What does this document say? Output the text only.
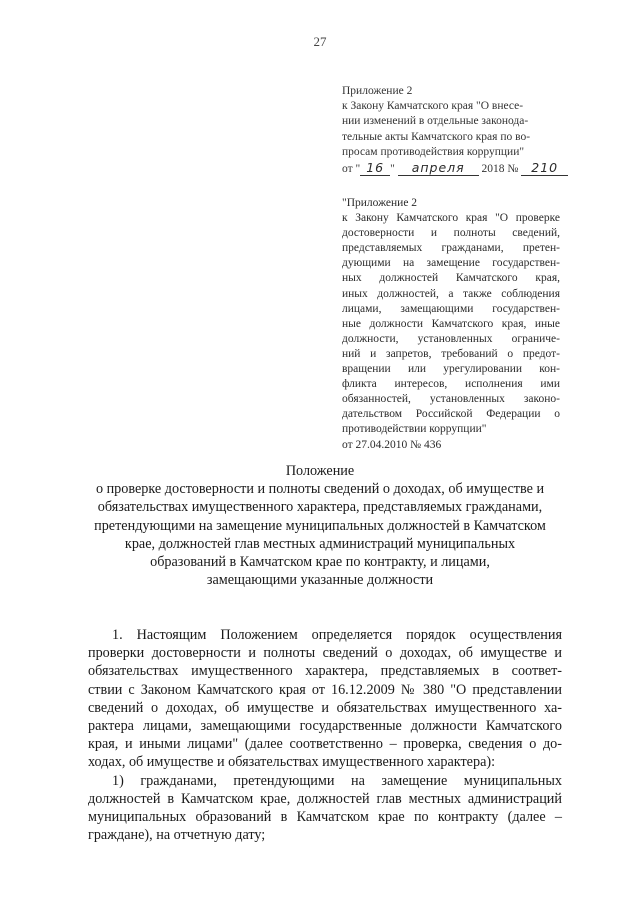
27
Приложение 2
к Закону Камчатского края "О внесе-
нии изменений в отдельные законода-
тельные акты Камчатского края по во-
просам противодействия коррупции"
от " 16 " апреля 2018 № 210
"Приложение 2
к Закону Камчатского края "О проверке
достоверности и полноты сведений,
представляемых гражданами, претен-
дующими на замещение государствен-
ных должностей Камчатского края,
иных должностей, а также соблюдения
лицами, замещающими государствен-
ные должности Камчатского края, иные
должности, установленных ограниче-
ний и запретов, требований о предот-
вращении или урегулировании кон-
фликта интересов, исполнения ими
обязанностей, установленных законо-
дательством Российской Федерации о
противодействии коррупции"
от 27.04.2010 № 436
Положение
о проверке достоверности и полноты сведений о доходах, об имуществе и
обязательствах имущественного характера, представляемых гражданами,
претендующими на замещение муниципальных должностей в Камчатском
крае, должностей глав местных администраций муниципальных
образований в Камчатском крае по контракту, и лицами,
замещающими указанные должности
1. Настоящим Положением определяется порядок осуществления
проверки достоверности и полноты сведений о доходах, об имуществе и
обязательствах имущественного характера, представляемых в соответ-
ствии с Законом Камчатского края от 16.12.2009 № 380 "О представлении
сведений о доходах, об имуществе и обязательствах имущественного ха-
рактера лицами, замещающими государственные должности Камчатского
края, и иными лицами" (далее соответственно – проверка, сведения о до-
ходах, об имуществе и обязательствах имущественного характера):
1) гражданами, претендующими на замещение муниципальных
должностей в Камчатском крае, должностей глав местных администраций
муниципальных образований в Камчатском крае по контракту (далее –
граждане), на отчетную дату;
